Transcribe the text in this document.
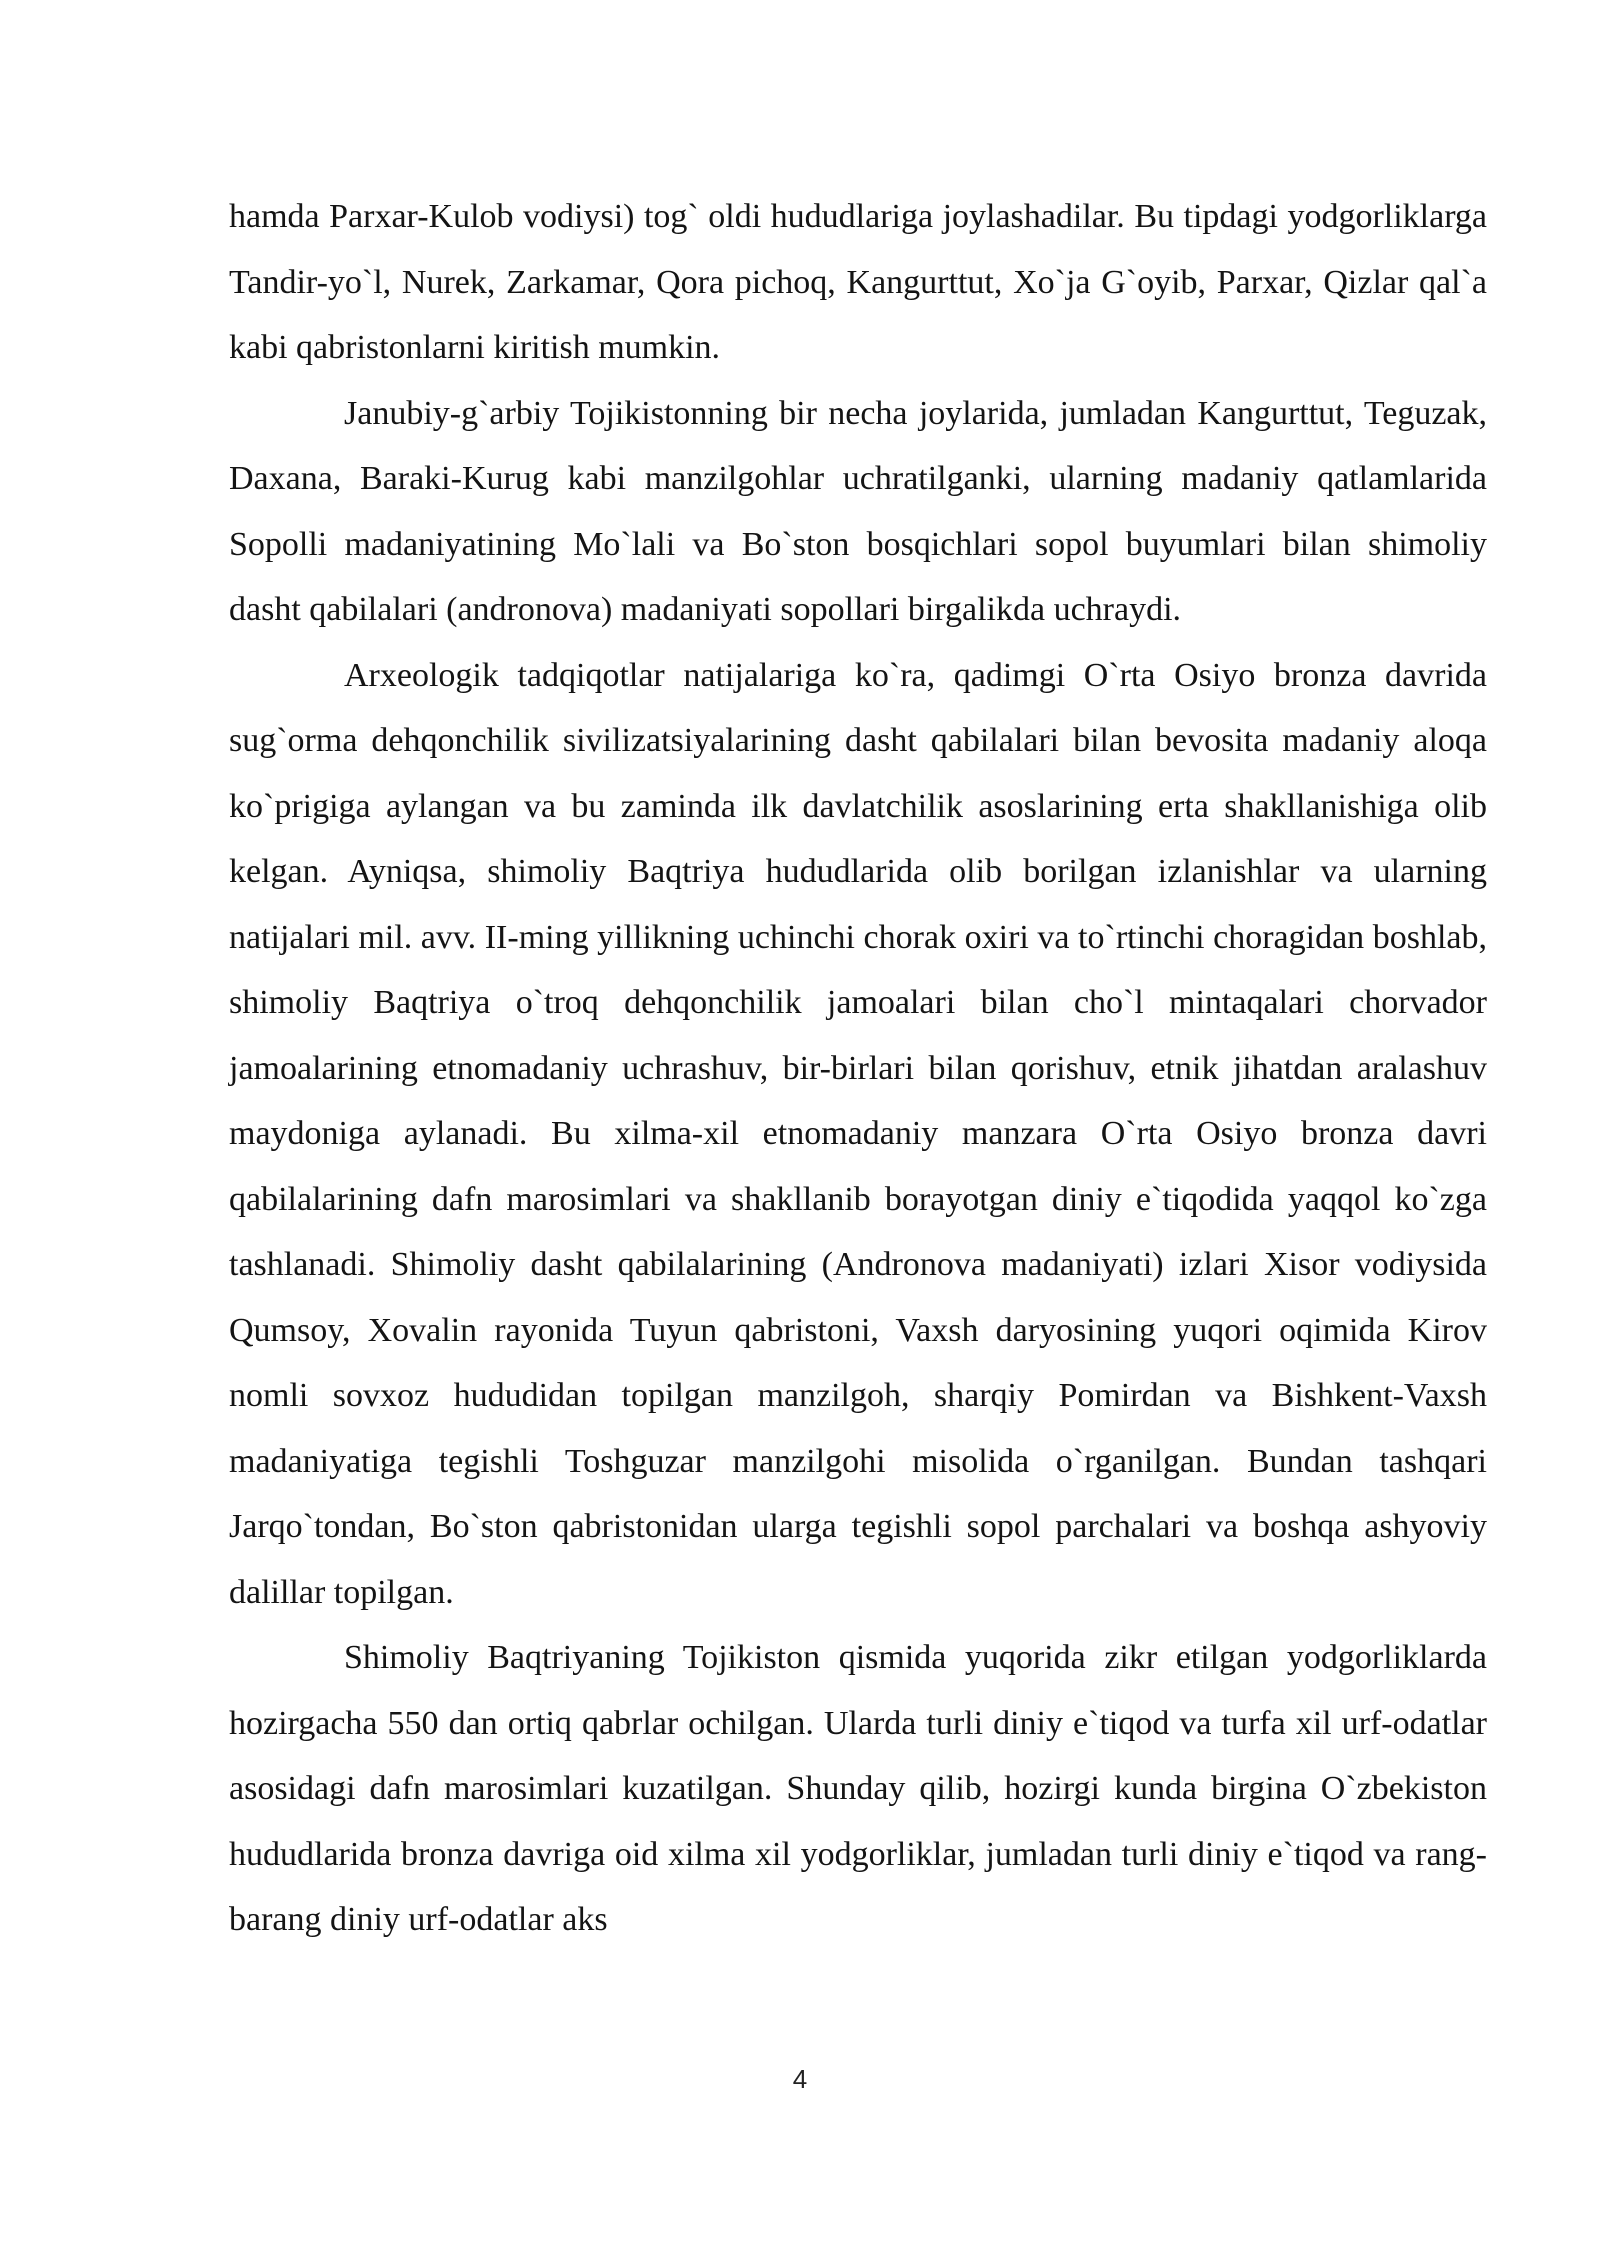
hamda Parxar-Kulob vodiysi) tog` oldi hududlariga joylashadilar. Bu tipdagi yodgorliklarga Tandir-yo`l, Nurek, Zarkamar, Qora pichoq, Kangurttut, Xo`ja G`oyib, Parxar, Qizlar qal`a kabi qabristonlarni kiritish mumkin.

Janubiy-g`arbiy Tojikistonning bir necha joylarida, jumladan Kangurttut, Teguzak, Daxana, Baraki-Kurug kabi manzilgohlar uchratilganki, ularning madaniy qatlamlarida Sopolli madaniyatining Mo`lali va Bo`ston bosqichlari sopol buyumlari bilan shimoliy dasht qabilalari (andronova) madaniyati sopollari birgalikda uchraydi.

Arxeologik tadqiqotlar natijalariga ko`ra, qadimgi O`rta Osiyo bronza davrida sug`orma dehqonchilik sivilizatsiyalarining dasht qabilalari bilan bevosita madaniy aloqa ko`prigiga aylangan va bu zaminda ilk davlatchilik asoslarining erta shakllanishiga olib kelgan. Ayniqsa, shimoliy Baqtriya hududlarida olib borilgan izlanishlar va ularning natijalari mil. avv. II-ming yillikning uchinchi chorak oxiri va to`rtinchi choragidan boshlab, shimoliy Baqtriya o`troq dehqonchilik jamoalari bilan cho`l mintaqalari chorvador jamoalarining etnomadaniy uchrashuv, bir-birlari bilan qorishuv, etnik jihatdan aralashuv maydoniga aylanadi. Bu xilma-xil etnomadaniy manzara O`rta Osiyo bronza davri qabilalarining dafn marosimlari va shakllanib borayotgan diniy e`tiqodida yaqqol ko`zga tashlanadi. Shimoliy dasht qabilalarining (Andronova madaniyati) izlari Xisor vodiysida Qumsoy, Xovalin rayonida Tuyun qabristoni, Vaxsh daryosining yuqori oqimida Kirov nomli sovxoz hududidan topilgan manzilgoh, sharqiy Pomirdan va Bishkent-Vaxsh madaniyatiga tegishli Toshguzar manzilgohi misolida o`rganilgan. Bundan tashqari Jarqo`tondan, Bo`ston qabristonidan ularga tegishli sopol parchalari va boshqa ashyoviy dalillar topilgan.

Shimoliy Baqtriyaning Tojikiston qismida yuqorida zikr etilgan yodgorliklarda hozirgacha 550 dan ortiq qabrlar ochilgan. Ularda turli diniy e`tiqod va turfa xil urf-odatlar asosidagi dafn marosimlari kuzatilgan. Shunday qilib, hozirgi kunda birgina O`zbekiston hududlarida bronza davriga oid xilma xil yodgorliklar, jumladan turli diniy e`tiqod va rang-barang diniy urf-odatlar aks

4
